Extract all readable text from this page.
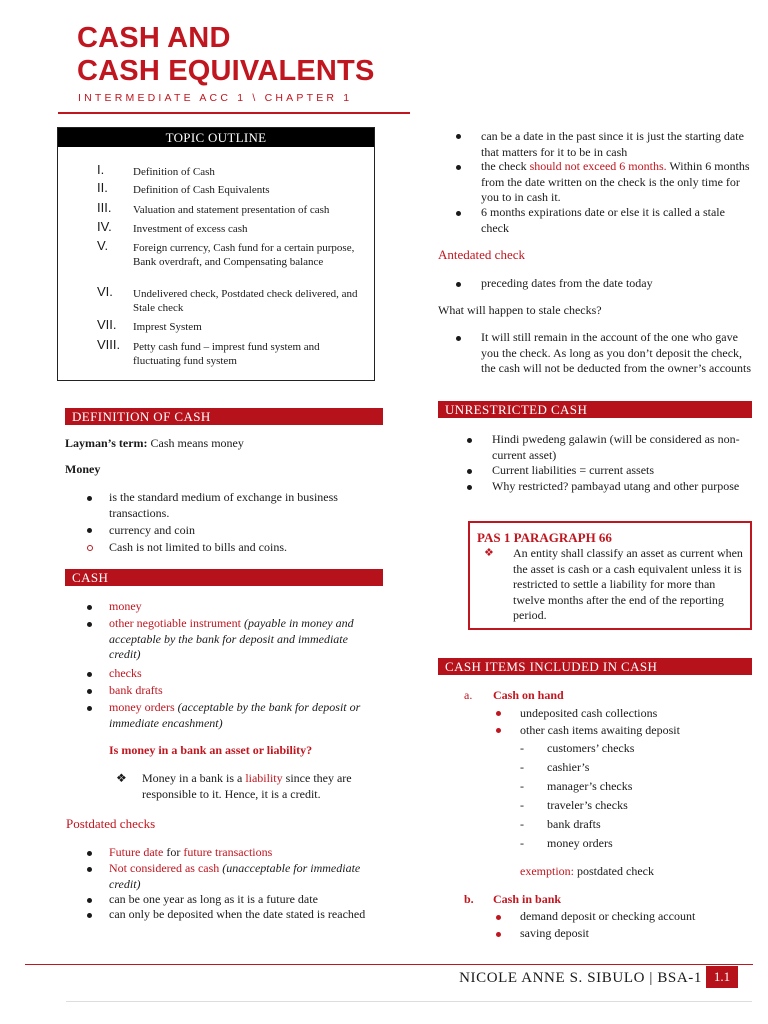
CASH AND
CASH EQUIVALENTS
INTERMEDIATE ACC 1 \ CHAPTER 1
TOPIC OUTLINE
I.	Definition of Cash
II. Definition of Cash Equivalents
III. Valuation and statement presentation of cash
IV. Investment of excess cash
V. Foreign currency, Cash fund for a certain purpose, Bank overdraft, and Compensating balance
VI. Undelivered check, Postdated check delivered, and Stale check
VII. Imprest System
VIII. Petty cash fund – imprest fund system and fluctuating fund system
DEFINITION OF CASH
Layman’s term: Cash means money
Money
is the standard medium of exchange in business transactions.
currency and coin
Cash is not limited to bills and coins.
CASH
money
other negotiable instrument (payable in money and acceptable by the bank for deposit and immediate credit)
checks
bank drafts
money orders (acceptable by the bank for deposit or immediate encashment)
Is money in a bank an asset or liability?
❖ Money in a bank is a liability since they are responsible to it. Hence, it is a credit.
Postdated checks
Future date for future transactions
Not considered as cash (unacceptable for immediate credit)
can be one year as long as it is a future date
can only be deposited when the date stated is reached
can be a date in the past since it is just the starting date that matters for it to be in cash
the check should not exceed 6 months. Within 6 months from the date written on the check is the only time for you to in cash it.
6 months expirations date or else it is called a stale check
Antedated check
preceding dates from the date today
What will happen to stale checks?
It will still remain in the account of the one who gave you the check. As long as you don’t deposit the check, the cash will not be deducted from the owner’s accounts
UNRESTRICTED CASH
Hindi pwedeng galawin (will be considered as non-current asset)
Current liabilities = current assets
Why restricted? pambayad utang and other purpose
PAS 1 PARAGRAPH 66
❖ An entity shall classify an asset as current when the asset is cash or a cash equivalent unless it is restricted to settle a liability for more than twelve months after the end of the reporting period.
CASH ITEMS INCLUDED IN CASH
a. Cash on hand
undeposited cash collections
other cash items awaiting deposit
- customers’ checks
- cashier’s
- manager’s checks
- traveler’s checks
- bank drafts
- money orders
exemption: postdated check
b. Cash in bank
demand deposit or checking account
saving deposit
NICOLE ANNE S. SIBULO | BSA-1 1.1
